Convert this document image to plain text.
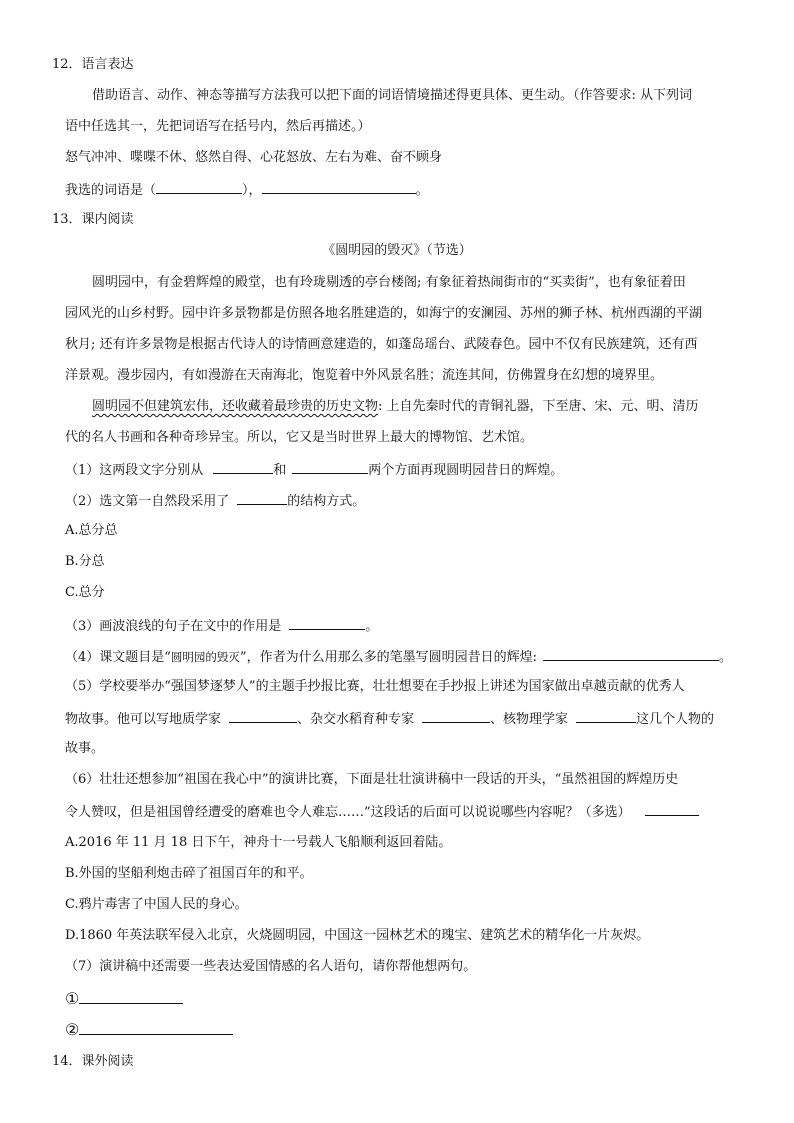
12．语言表达
借助语言、动作、神态等描写方法我可以把下面的词语情境描述得更具体、更生动。（作答要求: 从下列词
语中任选其一，先把词语写在括号内，然后再描述。）
怒气冲冲、喋喋不休、悠然自得、心花怒放、左右为难、奋不顾身
我选的词语是（	），	。
13．课内阅读
《圆明园的毁灭》（节选）
圆明园中，有金碧辉煌的殿堂，也有玲珑剔透的亭台楼阁; 有象征着热闹街市的“买卖街”，也有象征着田
园风光的山乡村野。园中许多景物都是仿照各地名胜建造的，如海宁的安澜园、苏州的狮子林、杭州西湖的平湖
秋月; 还有许多景物是根据古代诗人的诗情画意建造的，如蓬岛瑶台、武陵春色。园中不仅有民族建筑，还有西
洋景观。漫步园内，有如漫游在天南海北，饱览着中外风景名胜；流连其间，仿佛置身在幻想的境界里。
圆明园不但建筑宏伟，还收藏着最珍贵的历史文物: 上自先秦时代的青铜礼器，下至唐、宋、元、明、清历
代的名人书画和各种奇珍异宝。所以，它又是当时世界上最大的博物馆、艺术馆。
（1）这两段文字分别从	和	两个方面再现圆明园昔日的辉煌。
（2）选文第一自然段采用了	的结构方式。
A.总分总
B.分总
C.总分
（3）画波浪线的句子在文中的作用是	。
（4）课文题目是“圆明园的毁灭”，作者为什么用那么多的笔墨写圆明园昔日的辉煌:	。
（5）学校要举办“强国梦逐梦人”的主题手抄报比赛，壮壮想要在手抄报上讲述为国家做出卓越贡献的优秀人
物故事。他可以写地质学家	、杂交水稻育种专家	、核物理学家	这几个人物的
故事。
（6）壮壮还想参加“祖国在我心中”的演讲比赛，下面是壮壮演讲稿中一段话的开头，“虽然祖国的辉煌历史
令人赞叹，但是祖国曾经遭受的磨难也令人难忘……”这段话的后面可以说说哪些内容呢？（多选）
A.2016 年 11 月 18 日下午，神舟十一号载人飞船顺利返回着陆。
B.外国的坚船利炮击碎了祖国百年的和平。
C.鸦片毒害了中国人民的身心。
D.1860 年英法联军侵入北京，火烧圆明园，中国这一园林艺术的瑰宝、建筑艺术的精华化一片灰烬。
（7）演讲稿中还需要一些表达爱国情感的名人语句，请你帮他想两句。
①
②
14．课外阅读
